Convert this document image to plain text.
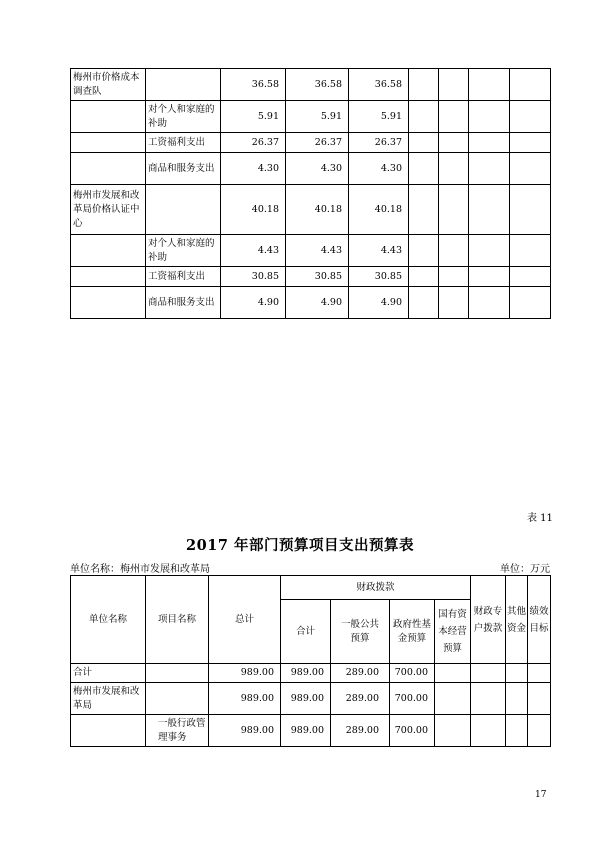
梅州市价格成本调查队		36.58	36.58	36.58				
	对个人和家庭的补助	5.91	5.91	5.91				
	工资福利支出	26.37	26.37	26.37				
	商品和服务支出	4.30	4.30	4.30				
梅州市发展和改革局价格认证中心		40.18	40.18	40.18				
	对个人和家庭的补助	4.43	4.43	4.43				
	工资福利支出	30.85	30.85	30.85				
	商品和服务支出	4.90	4.90	4.90				
表 11
2017 年部门预算项目支出预算表
单位名称：梅州市发展和改革局	单位：万元
单位名称	项目名称	总计	财政拨款				财政专户拨款	其他资金	绩效目标
			合计	一般公共预算	政府性基金预算	国有资本经营预算			
合计		989.00	989.00	289.00	700.00				
梅州市发展和改革局		989.00	989.00	289.00	700.00				
	一般行政管理事务	989.00	989.00	289.00	700.00				
17
